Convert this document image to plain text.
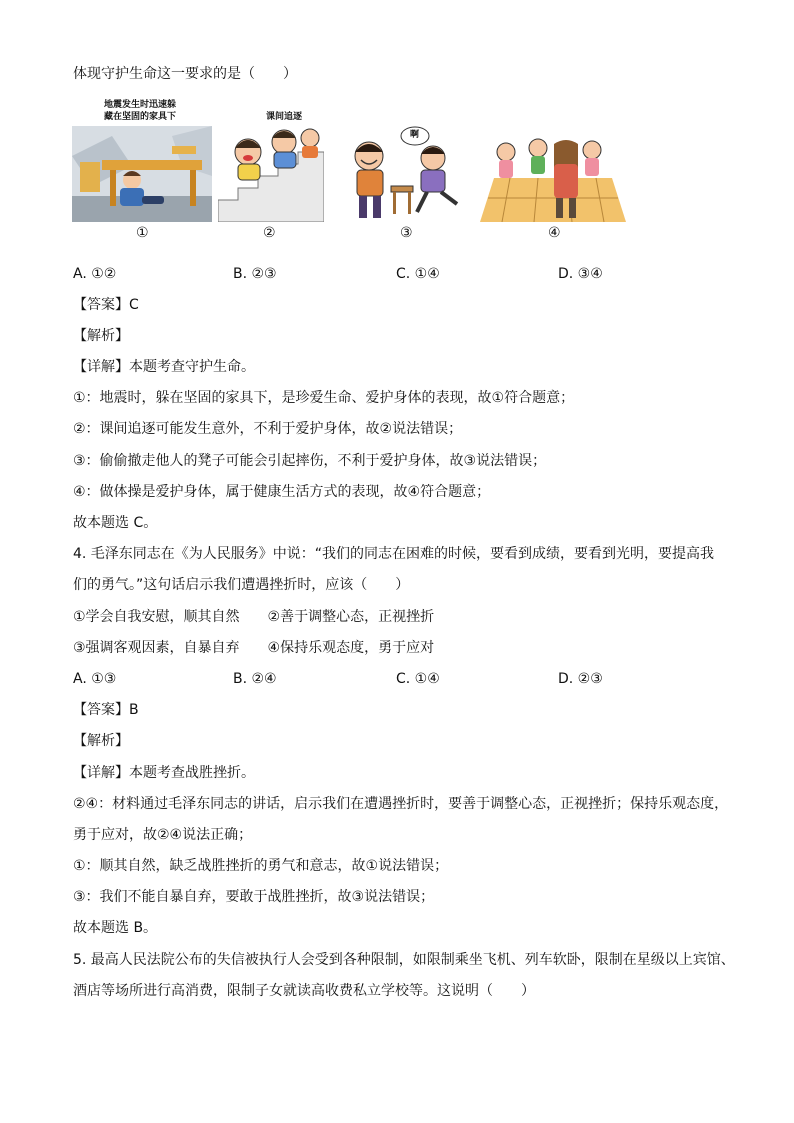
体现守护生命这一要求的是（　　）
地震发生时迅速躲
藏在坚固的家具下
①
课间追逐
②
啊
③	④
A. ①②	B. ②③	C. ①④	D. ③④
【答案】C
【解析】
【详解】本题考查守护生命。
①：地震时，躲在坚固的家具下，是珍爱生命、爱护身体的表现，故①符合题意；
②：课间追逐可能发生意外，不利于爱护身体，故②说法错误；
③：偷偷撤走他人的凳子可能会引起摔伤，不利于爱护身体，故③说法错误；
④：做体操是爱护身体，属于健康生活方式的表现，故④符合题意；
故本题选 C。
4. 毛泽东同志在《为人民服务》中说：“我们的同志在困难的时候，要看到成绩，要看到光明，要提高我
们的勇气。”这句话启示我们遭遇挫折时，应该（　　）
①学会自我安慰，顺其自然　　②善于调整心态，正视挫折
③强调客观因素，自暴自弃　　④保持乐观态度，勇于应对
A. ①③	B. ②④	C. ①④	D. ②③
【答案】B
【解析】
【详解】本题考查战胜挫折。
②④：材料通过毛泽东同志的讲话，启示我们在遭遇挫折时，要善于调整心态，正视挫折；保持乐观态度，
勇于应对，故②④说法正确；
①：顺其自然，缺乏战胜挫折的勇气和意志，故①说法错误；
③：我们不能自暴自弃，要敢于战胜挫折，故③说法错误；
故本题选 B。
5. 最高人民法院公布的失信被执行人会受到各种限制，如限制乘坐飞机、列车软卧，限制在星级以上宾馆、
酒店等场所进行高消费，限制子女就读高收费私立学校等。这说明（　　）
